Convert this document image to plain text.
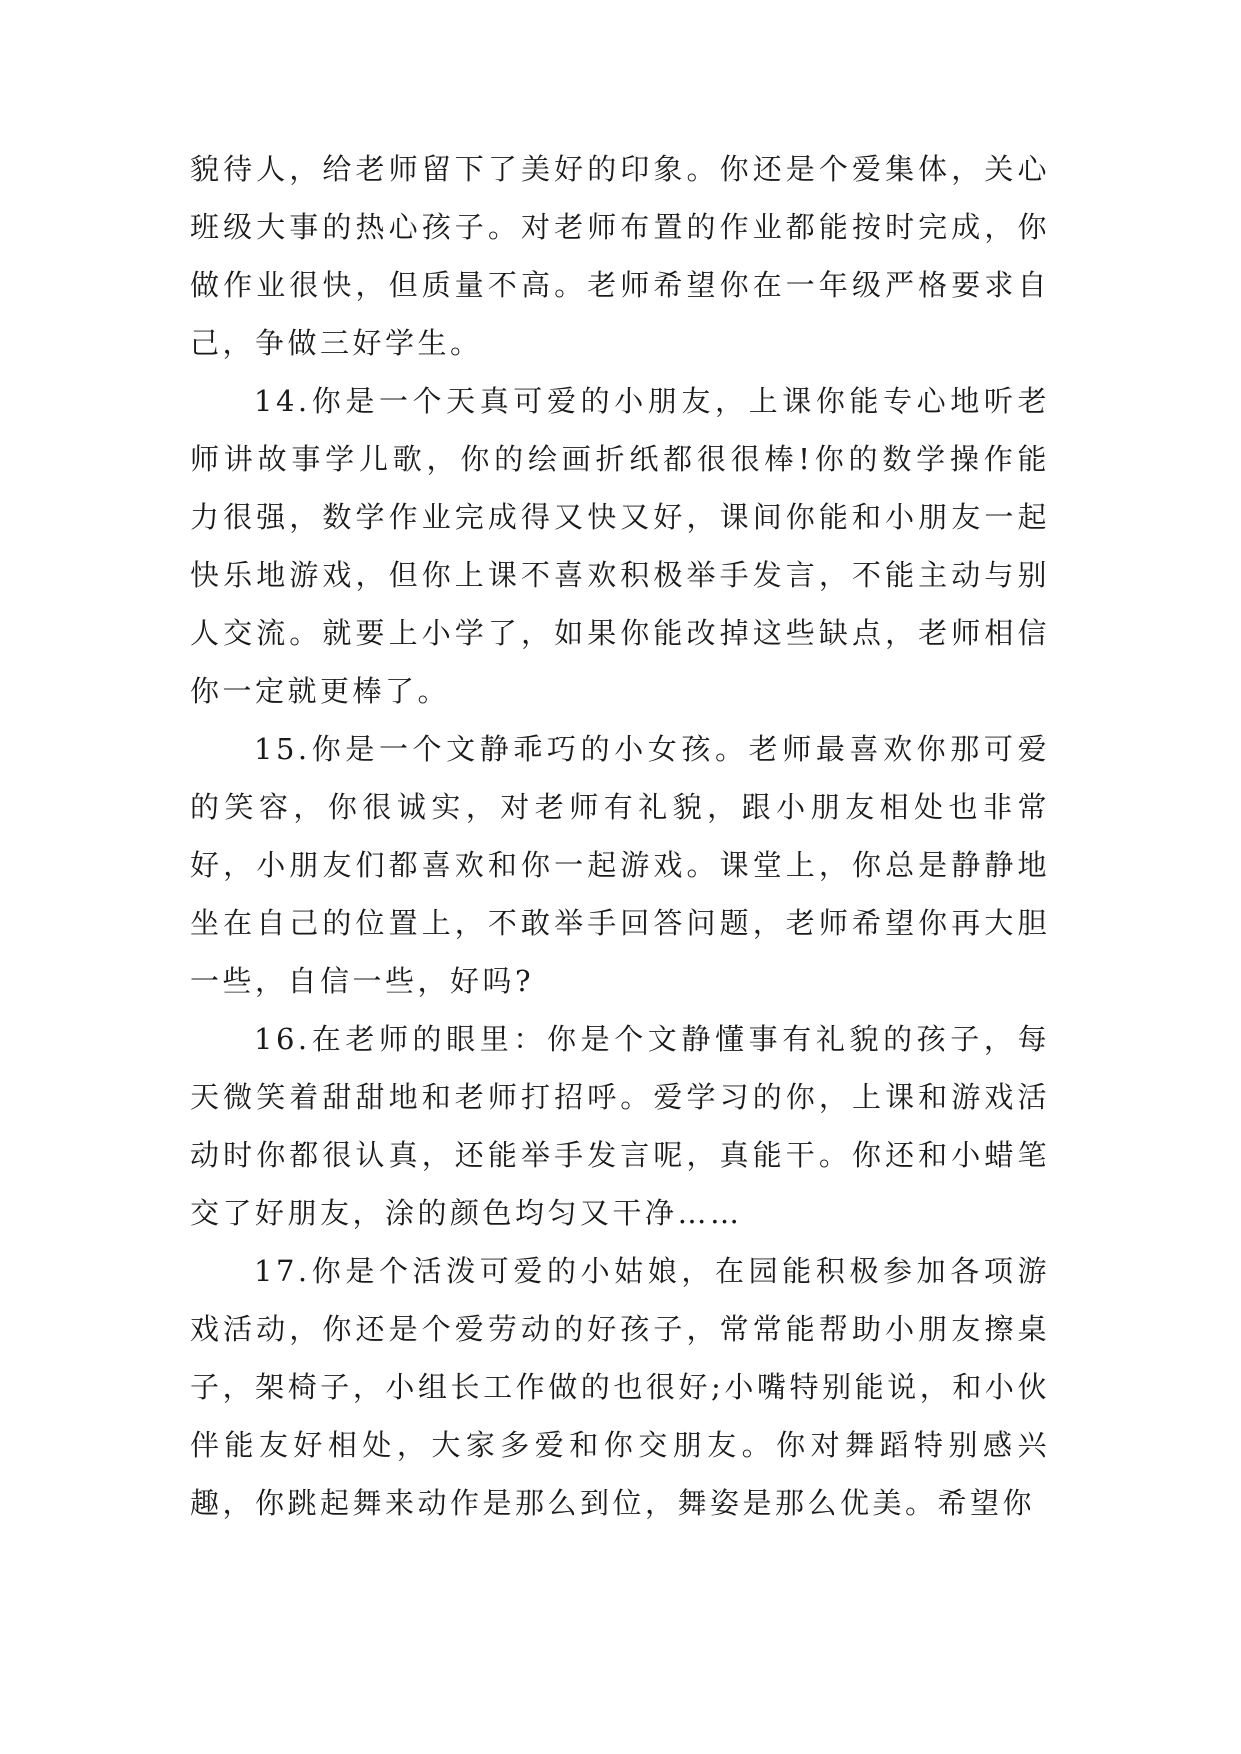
貌待人，给老师留下了美好的印象。你还是个爱集体，关心班级大事的热心孩子。对老师布置的作业都能按时完成，你做作业很快，但质量不高。老师希望你在一年级严格要求自己，争做三好学生。

14.你是一个天真可爱的小朋友，上课你能专心地听老师讲故事学儿歌，你的绘画折纸都很很棒!你的数学操作能力很强，数学作业完成得又快又好，课间你能和小朋友一起快乐地游戏，但你上课不喜欢积极举手发言，不能主动与别人交流。就要上小学了，如果你能改掉这些缺点，老师相信你一定就更棒了。

15.你是一个文静乖巧的小女孩。老师最喜欢你那可爱的笑容，你很诚实，对老师有礼貌，跟小朋友相处也非常好，小朋友们都喜欢和你一起游戏。课堂上，你总是静静地坐在自己的位置上，不敢举手回答问题，老师希望你再大胆一些，自信一些，好吗?

16.在老师的眼里：你是个文静懂事有礼貌的孩子，每天微笑着甜甜地和老师打招呼。爱学习的你，上课和游戏活动时你都很认真，还能举手发言呢，真能干。你还和小蜡笔交了好朋友，涂的颜色均匀又干净……

17.你是个活泼可爱的小姑娘，在园能积极参加各项游戏活动，你还是个爱劳动的好孩子，常常能帮助小朋友擦桌子，架椅子，小组长工作做的也很好;小嘴特别能说，和小伙伴能友好相处，大家多爱和你交朋友。你对舞蹈特别感兴趣，你跳起舞来动作是那么到位，舞姿是那么优美。希望你
